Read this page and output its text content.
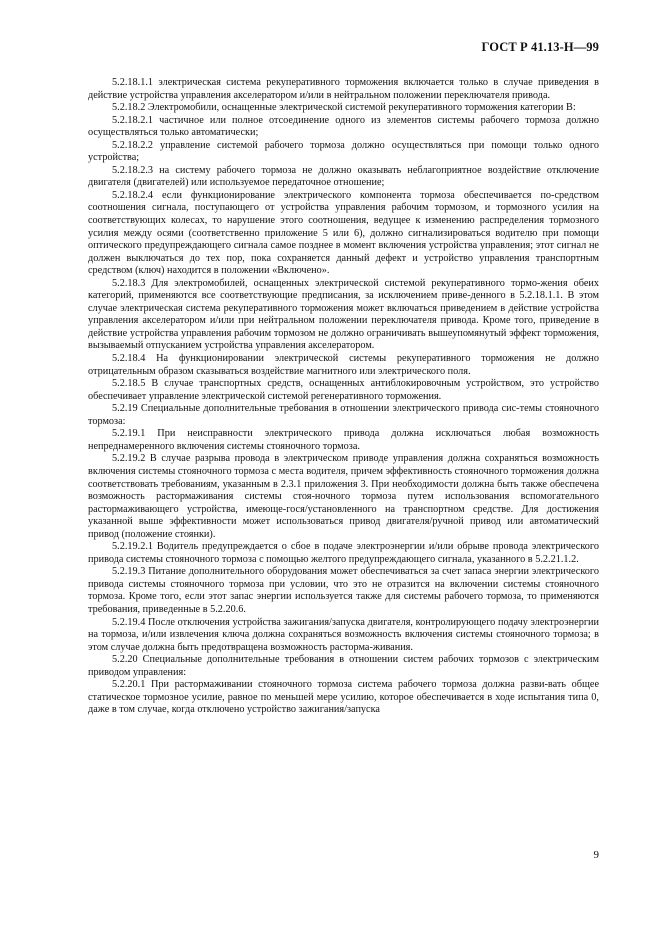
ГОСТ Р 41.13-Н—99

5.2.18.1.1 электрическая система рекуперативного торможения включается только в случае приведения в действие устройства управления акселератором и/или в нейтральном положении переключателя привода.

5.2.18.2 Электромобили, оснащенные электрической системой рекуперативного торможения категории В:

5.2.18.2.1 частичное или полное отсоединение одного из элементов системы рабочего тормоза должно осуществляться только автоматически;

5.2.18.2.2 управление системой рабочего тормоза должно осуществляться при помощи только одного устройства;

5.2.18.2.3 на систему рабочего тормоза не должно оказывать неблагоприятное воздействие отключение двигателя (двигателей) или используемое передаточное отношение;

5.2.18.2.4 если функционирование электрического компонента тормоза обеспечивается по-средством соотношения сигнала, поступающего от устройства управления рабочим тормозом, и тормозного усилия на соответствующих колесах, то нарушение этого соотношения, ведущее к изменению распределения тормозного усилия между осями (соответственно приложение 5 или 6), должно сигнализироваться водителю при помощи оптического предупреждающего сигнала самое позднее в момент включения устройства управления; этот сигнал не должен выключаться до тех пор, пока сохраняется данный дефект и устройство управления транспортным средством (ключ) находится в положении «Включено».

5.2.18.3 Для электромобилей, оснащенных электрической системой рекуперативного тормо-жения обеих категорий, применяются все соответствующие предписания, за исключением приве-денного в 5.2.18.1.1. В этом случае электрическая система рекуперативного торможения может включаться приведением в действие устройства управления акселератором и/или при нейтральном положении переключателя привода. Кроме того, приведение в действие устройства управления рабочим тормозом не должно ограничивать вышеупомянутый эффект торможения, вызываемый отпусканием устройства управления акселератором.

5.2.18.4 На функционировании электрической системы рекуперативного торможения не должно отрицательным образом сказываться воздействие магнитного или электрического поля.

5.2.18.5 В случае транспортных средств, оснащенных антиблокировочным устройством, это устройство обеспечивает управление электрической системой регенеративного торможения.

5.2.19 Специальные дополнительные требования в отношении электрического привода сис-темы стояночного тормоза:

5.2.19.1 При неисправности электрического привода должна исключаться любая возможность непреднамеренного включения системы стояночного тормоза.

5.2.19.2 В случае разрыва провода в электрическом приводе управления должна сохраняться возможность включения системы стояночного тормоза с места водителя, причем эффективность стояночного торможения должна соответствовать требованиям, указанным в 2.3.1 приложения 3. При необходимости должна быть также обеспечена возможность растормаживания системы стоя-ночного тормоза путем использования вспомогательного растормаживающего устройства, имеюще-гося/установленного на транспортном средстве. Для достижения указанной выше эффективности может использоваться привод двигателя/ручной привод или автоматический привод (положение стоянки).

5.2.19.2.1 Водитель предупреждается о сбое в подаче электроэнергии и/или обрыве провода электрического привода системы стояночного тормоза с помощью желтого предупреждающего сигнала, указанного в 5.2.21.1.2.

5.2.19.3 Питание дополнительного оборудования может обеспечиваться за счет запаса энергии электрического привода системы стояночного тормоза при условии, что это не отразится на включении системы стояночного тормоза. Кроме того, если этот запас энергии используется также для системы рабочего тормоза, то применяются требования, приведенные в 5.2.20.6.

5.2.19.4 После отключения устройства зажигания/запуска двигателя, контролирующего подачу электроэнергии на тормоза, и/или извлечения ключа должна сохраняться возможность включения системы стояночного тормоза; в этом случае должна быть предотвращена возможность растормa-живания.

5.2.20 Специальные дополнительные требования в отношении систем рабочих тормозов с электрическим приводом управления:

5.2.20.1 При растормаживании стояночного тормоза система рабочего тормоза должна разви-вать общее статическое тормозное усилие, равное по меньшей мере усилию, которое обеспечивается в ходе испытания типа 0, даже в том случае, когда отключено устройство зажигания/запуска

9
